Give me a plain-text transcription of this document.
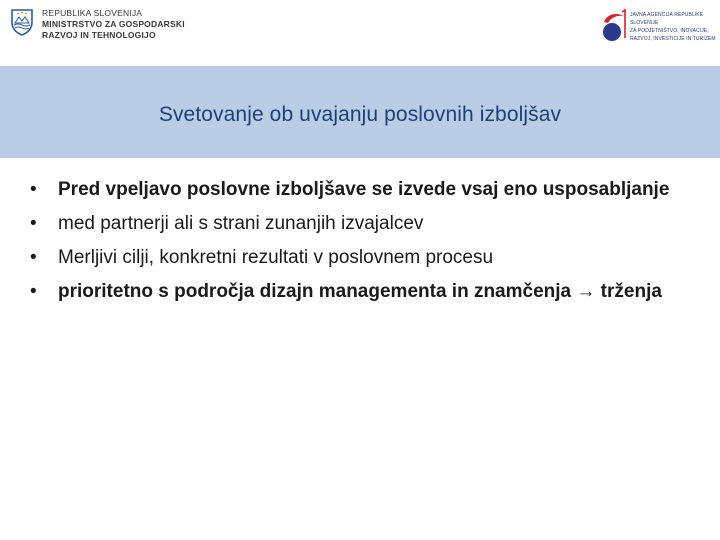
REPUBLIKA SLOVENIJA
MINISTRSTVO ZA GOSPODARSKI
RAZVOJ IN TEHNOLOGIJO
JAVNA AGENCIJA REPUBLIKE SLOVENIJE
ZA PODJETNIŠTVO, INOVACIJE, RAZVOJ, INVESTICIJE IN TURIZEM
Svetovanje ob uvajanju poslovnih izboljšav
• Pred vpeljavo poslovne izboljšave se izvede vsaj eno usposabljanje
• med partnerji ali s strani zunanjih izvajalcev
• Merljivi cilji, konkretni rezultati v poslovnem procesu
• prioritetno s področja dizajn managementa in znamčenja → trženja
